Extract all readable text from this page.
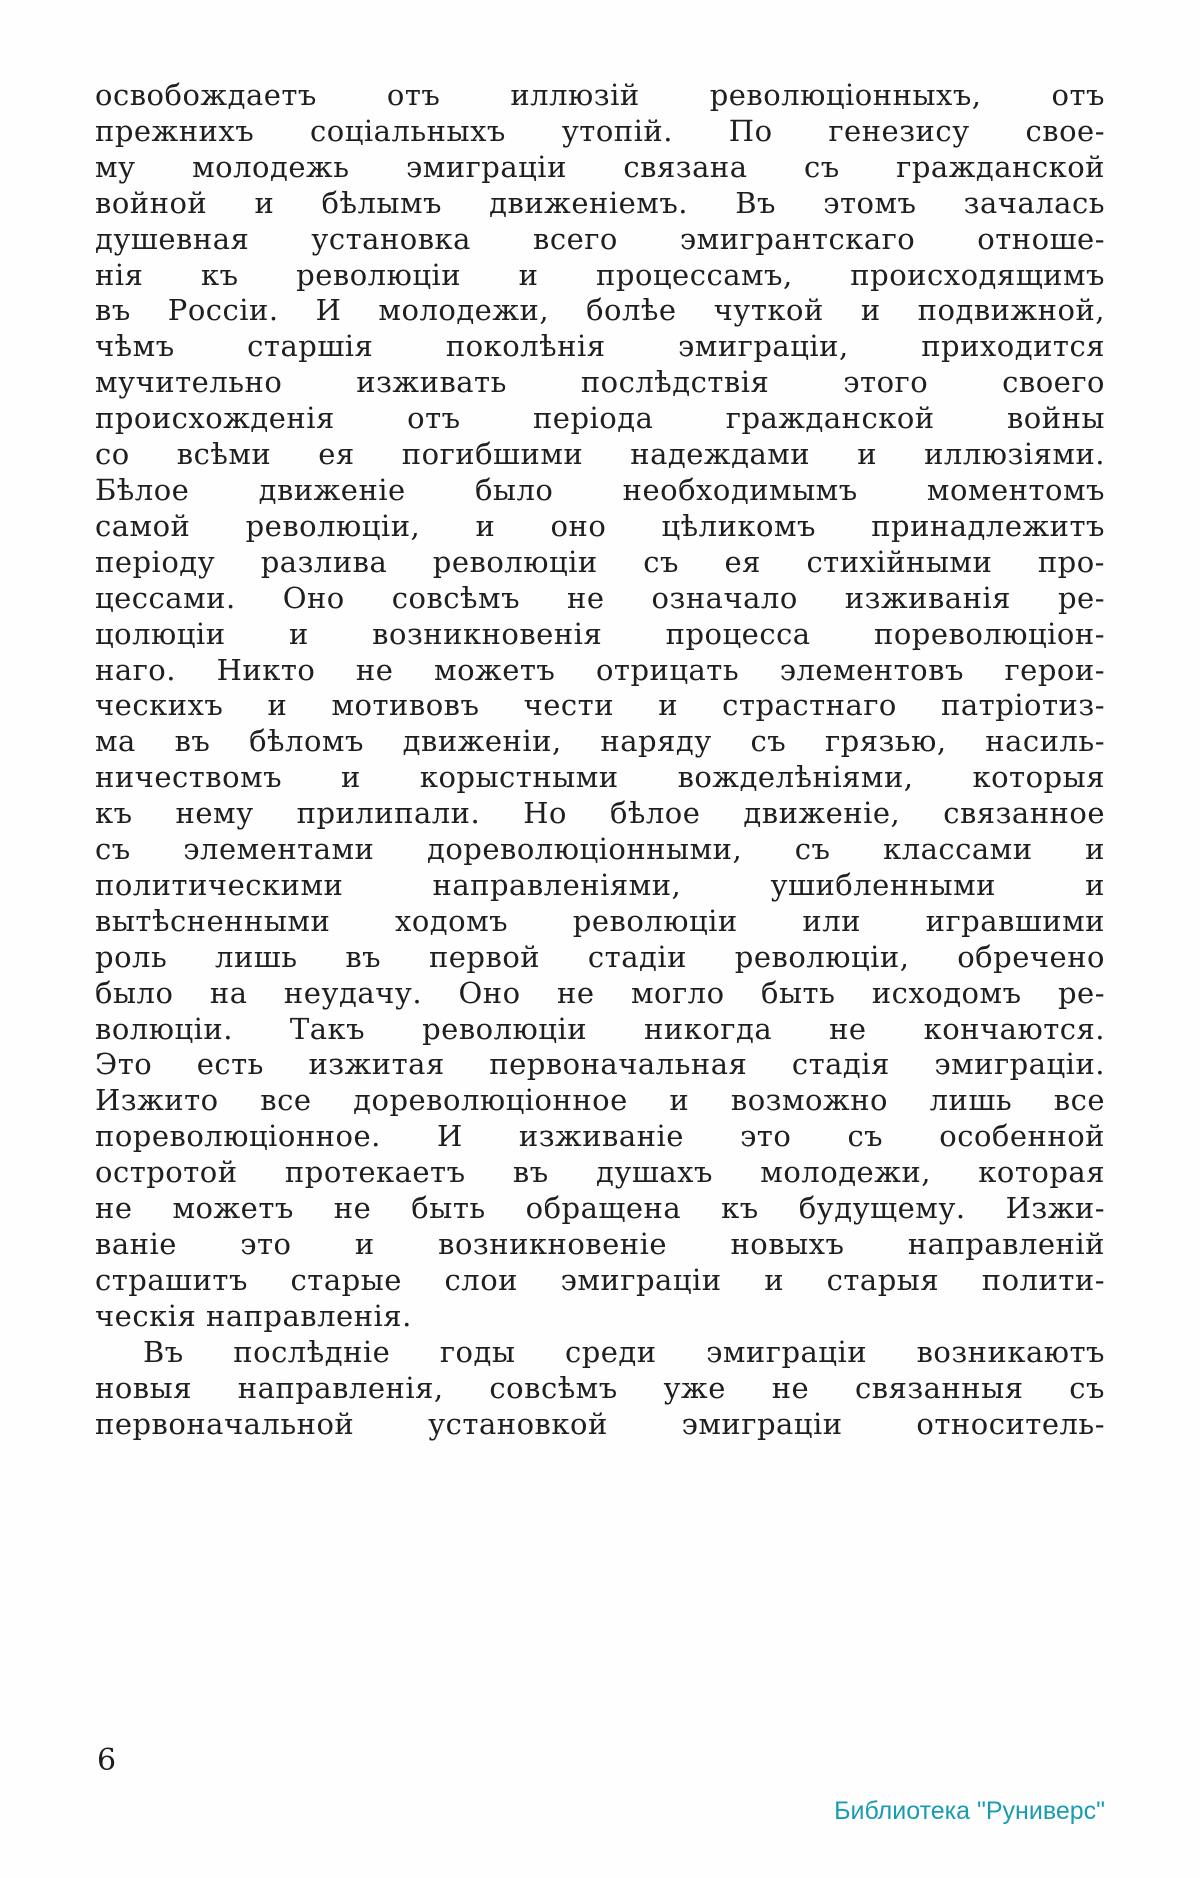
освобождаетъ отъ иллюзій революціонныхъ, отъ
прежнихъ соціальныхъ утопій. По генезису свое-
му молодежь эмиграціи связана съ гражданской
войной и бѣлымъ движеніемъ. Въ этомъ зачалась
душевная установка всего эмигрантскаго отноше-
нія къ революціи и процессамъ, происходящимъ
въ Россіи. И молодежи, болѣе чуткой и подвижной,
чѣмъ старшія поколѣнія эмиграціи, приходится
мучительно изживать послѣдствія этого своего
происхожденія отъ періода гражданской войны
со всѣми ея погибшими надеждами и иллюзіями.
Бѣлое движеніе было необходимымъ моментомъ
самой революціи, и оно цѣликомъ принадлежитъ
періоду разлива революціи съ ея стихійными про-
цессами. Оно совсѣмъ не означало изживанія ре-
цолюціи и возникновенія процесса пореволюціон-
наго. Никто не можетъ отрицать элементовъ герои-
ческихъ и мотивовъ чести и страстнаго патріотиз-
ма въ бѣломъ движеніи, наряду съ грязью, насиль-
ничествомъ и корыстными вожделѣніями, которыя
къ нему прилипали. Но бѣлое движеніе, связанное
съ элементами дореволюціонными, съ классами и
политическими направленіями, ушибленными и
вытѣсненными ходомъ революціи или игравшими
роль лишь въ первой стадіи революціи, обречено
было на неудачу. Оно не могло быть исходомъ ре-
волюціи. Такъ революціи никогда не кончаются.
Это есть изжитая первоначальная стадія эмиграціи.
Изжито все дореволюціонное и возможно лишь все
пореволюціонное. И изживаніе это съ особенной
остротой протекаетъ въ душахъ молодежи, которая
не можетъ не быть обращена къ будущему. Изжи-
ваніе это и возникновеніе новыхъ направленій
страшитъ старые слои эмиграціи и старыя полити-
ческія направленія.
Въ послѣдніе годы среди эмиграціи возникаютъ
новыя направленія, совсѣмъ уже не связанныя съ
первоначальной установкой эмиграціи относитель-
6
Библиотека "Руниверс"
